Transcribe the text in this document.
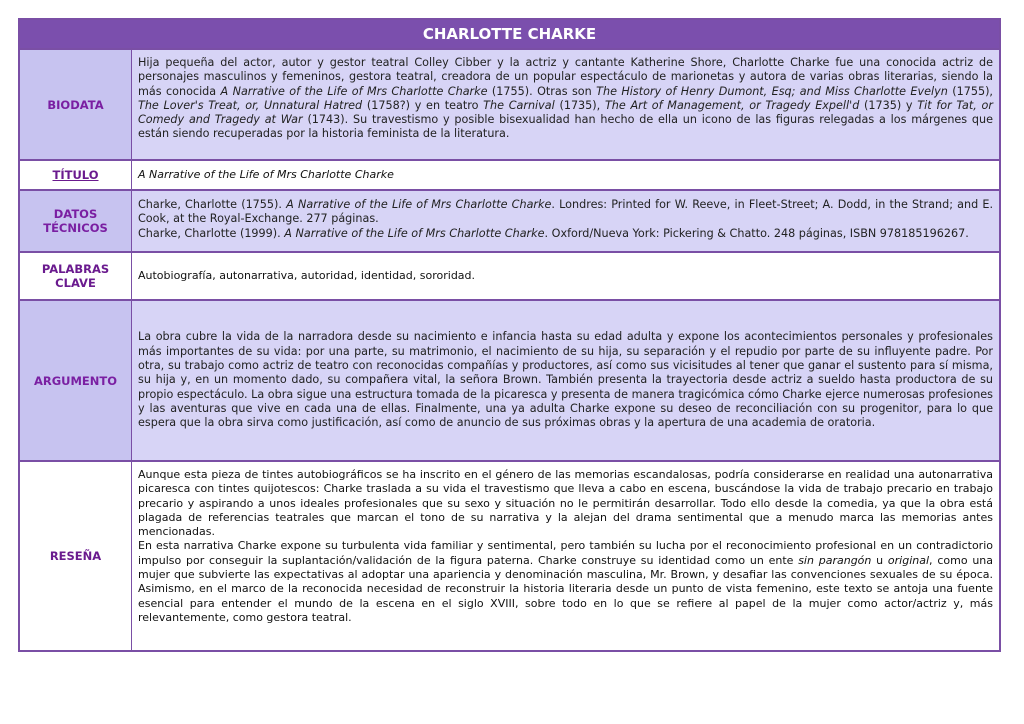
CHARLOTTE CHARKE
BIODATA
Hija pequeña del actor, autor y gestor teatral Colley Cibber y la actriz y cantante Katherine Shore, Charlotte Charke fue una conocida actriz de personajes masculinos y femeninos, gestora teatral, creadora de un popular espectáculo de marionetas y autora de varias obras literarias, siendo la más conocida A Narrative of the Life of Mrs Charlotte Charke (1755). Otras son The History of Henry Dumont, Esq; and Miss Charlotte Evelyn (1755), The Lover's Treat, or, Unnatural Hatred (1758?) y en teatro The Carnival (1735), The Art of Management, or Tragedy Expell'd (1735) y Tit for Tat, or Comedy and Tragedy at War (1743). Su travestismo y posible bisexualidad han hecho de ella un icono de las figuras relegadas a los márgenes que están siendo recuperadas por la historia feminista de la literatura.
TÍTULO	A Narrative of the Life of Mrs Charlotte Charke
DATOS
TÉCNICOS

Charke, Charlotte (1755). A Narrative of the Life of Mrs Charlotte Charke. Londres: Printed for W. Reeve, in Fleet-Street; A. Dodd, in the Strand; and E. Cook, at the Royal-Exchange. 277 páginas.

Charke, Charlotte (1999). A Narrative of the Life of Mrs Charlotte Charke. Oxford/Nueva York: Pickering & Chatto. 248 páginas, ISBN 978185196267.

PALABRAS
CLAVE
Autobiografía, autonarrativa, autoridad, identidad, sororidad.
ARGUMENTO

La obra cubre la vida de la narradora desde su nacimiento e infancia hasta su edad adulta y expone los acontecimientos personales y profesionales más importantes de su vida: por una parte, su matrimonio, el nacimiento de su hija, su separación y el repudio por parte de su influyente padre. Por otra, su trabajo como actriz de teatro con reconocidas compañías y productores, así como sus vicisitudes al tener que ganar el sustento para sí misma, su hija y, en un momento dado, su compañera vital, la señora Brown. También presenta la trayectoria desde actriz a sueldo hasta productora de su propio espectáculo. La obra sigue una estructura tomada de la picaresca y presenta de manera tragicómica cómo Charke ejerce numerosas profesiones y las aventuras que vive en cada una de ellas. Finalmente, una ya adulta Charke expone su deseo de reconciliación con su progenitor, para lo que espera que la obra sirva como justificación, así como de anuncio de sus próximas obras y la apertura de una academia de oratoria.

RESEÑA

Aunque esta pieza de tintes autobiográficos se ha inscrito en el género de las memorias escandalosas, podría considerarse en realidad una autonarrativa picaresca con tintes quijotescos: Charke traslada a su vida el travestismo que lleva a cabo en escena, buscándose la vida de trabajo precario en trabajo precario y aspirando a unos ideales profesionales que su sexo y situación no le permitirán desarrollar. Todo ello desde la comedia, ya que la obra está plagada de referencias teatrales que marcan el tono de su narrativa y la alejan del drama sentimental que a menudo marca las memorias antes mencionadas.

En esta narrativa Charke expone su turbulenta vida familiar y sentimental, pero también su lucha por el reconocimiento profesional en un contradictorio impulso por conseguir la suplantación/validación de la figura paterna. Charke construye su identidad como un ente sin parangón u original, como una mujer que subvierte las expectativas al adoptar una apariencia y denominación masculina, Mr. Brown, y desafiar las convenciones sexuales de su época. Asimismo, en el marco de la reconocida necesidad de reconstruir la historia literaria desde un punto de vista femenino, este texto se antoja una fuente esencial para entender el mundo de la escena en el siglo XVIII, sobre todo en lo que se refiere al papel de la mujer como actor/actriz y, más relevantemente, como gestora teatral.
